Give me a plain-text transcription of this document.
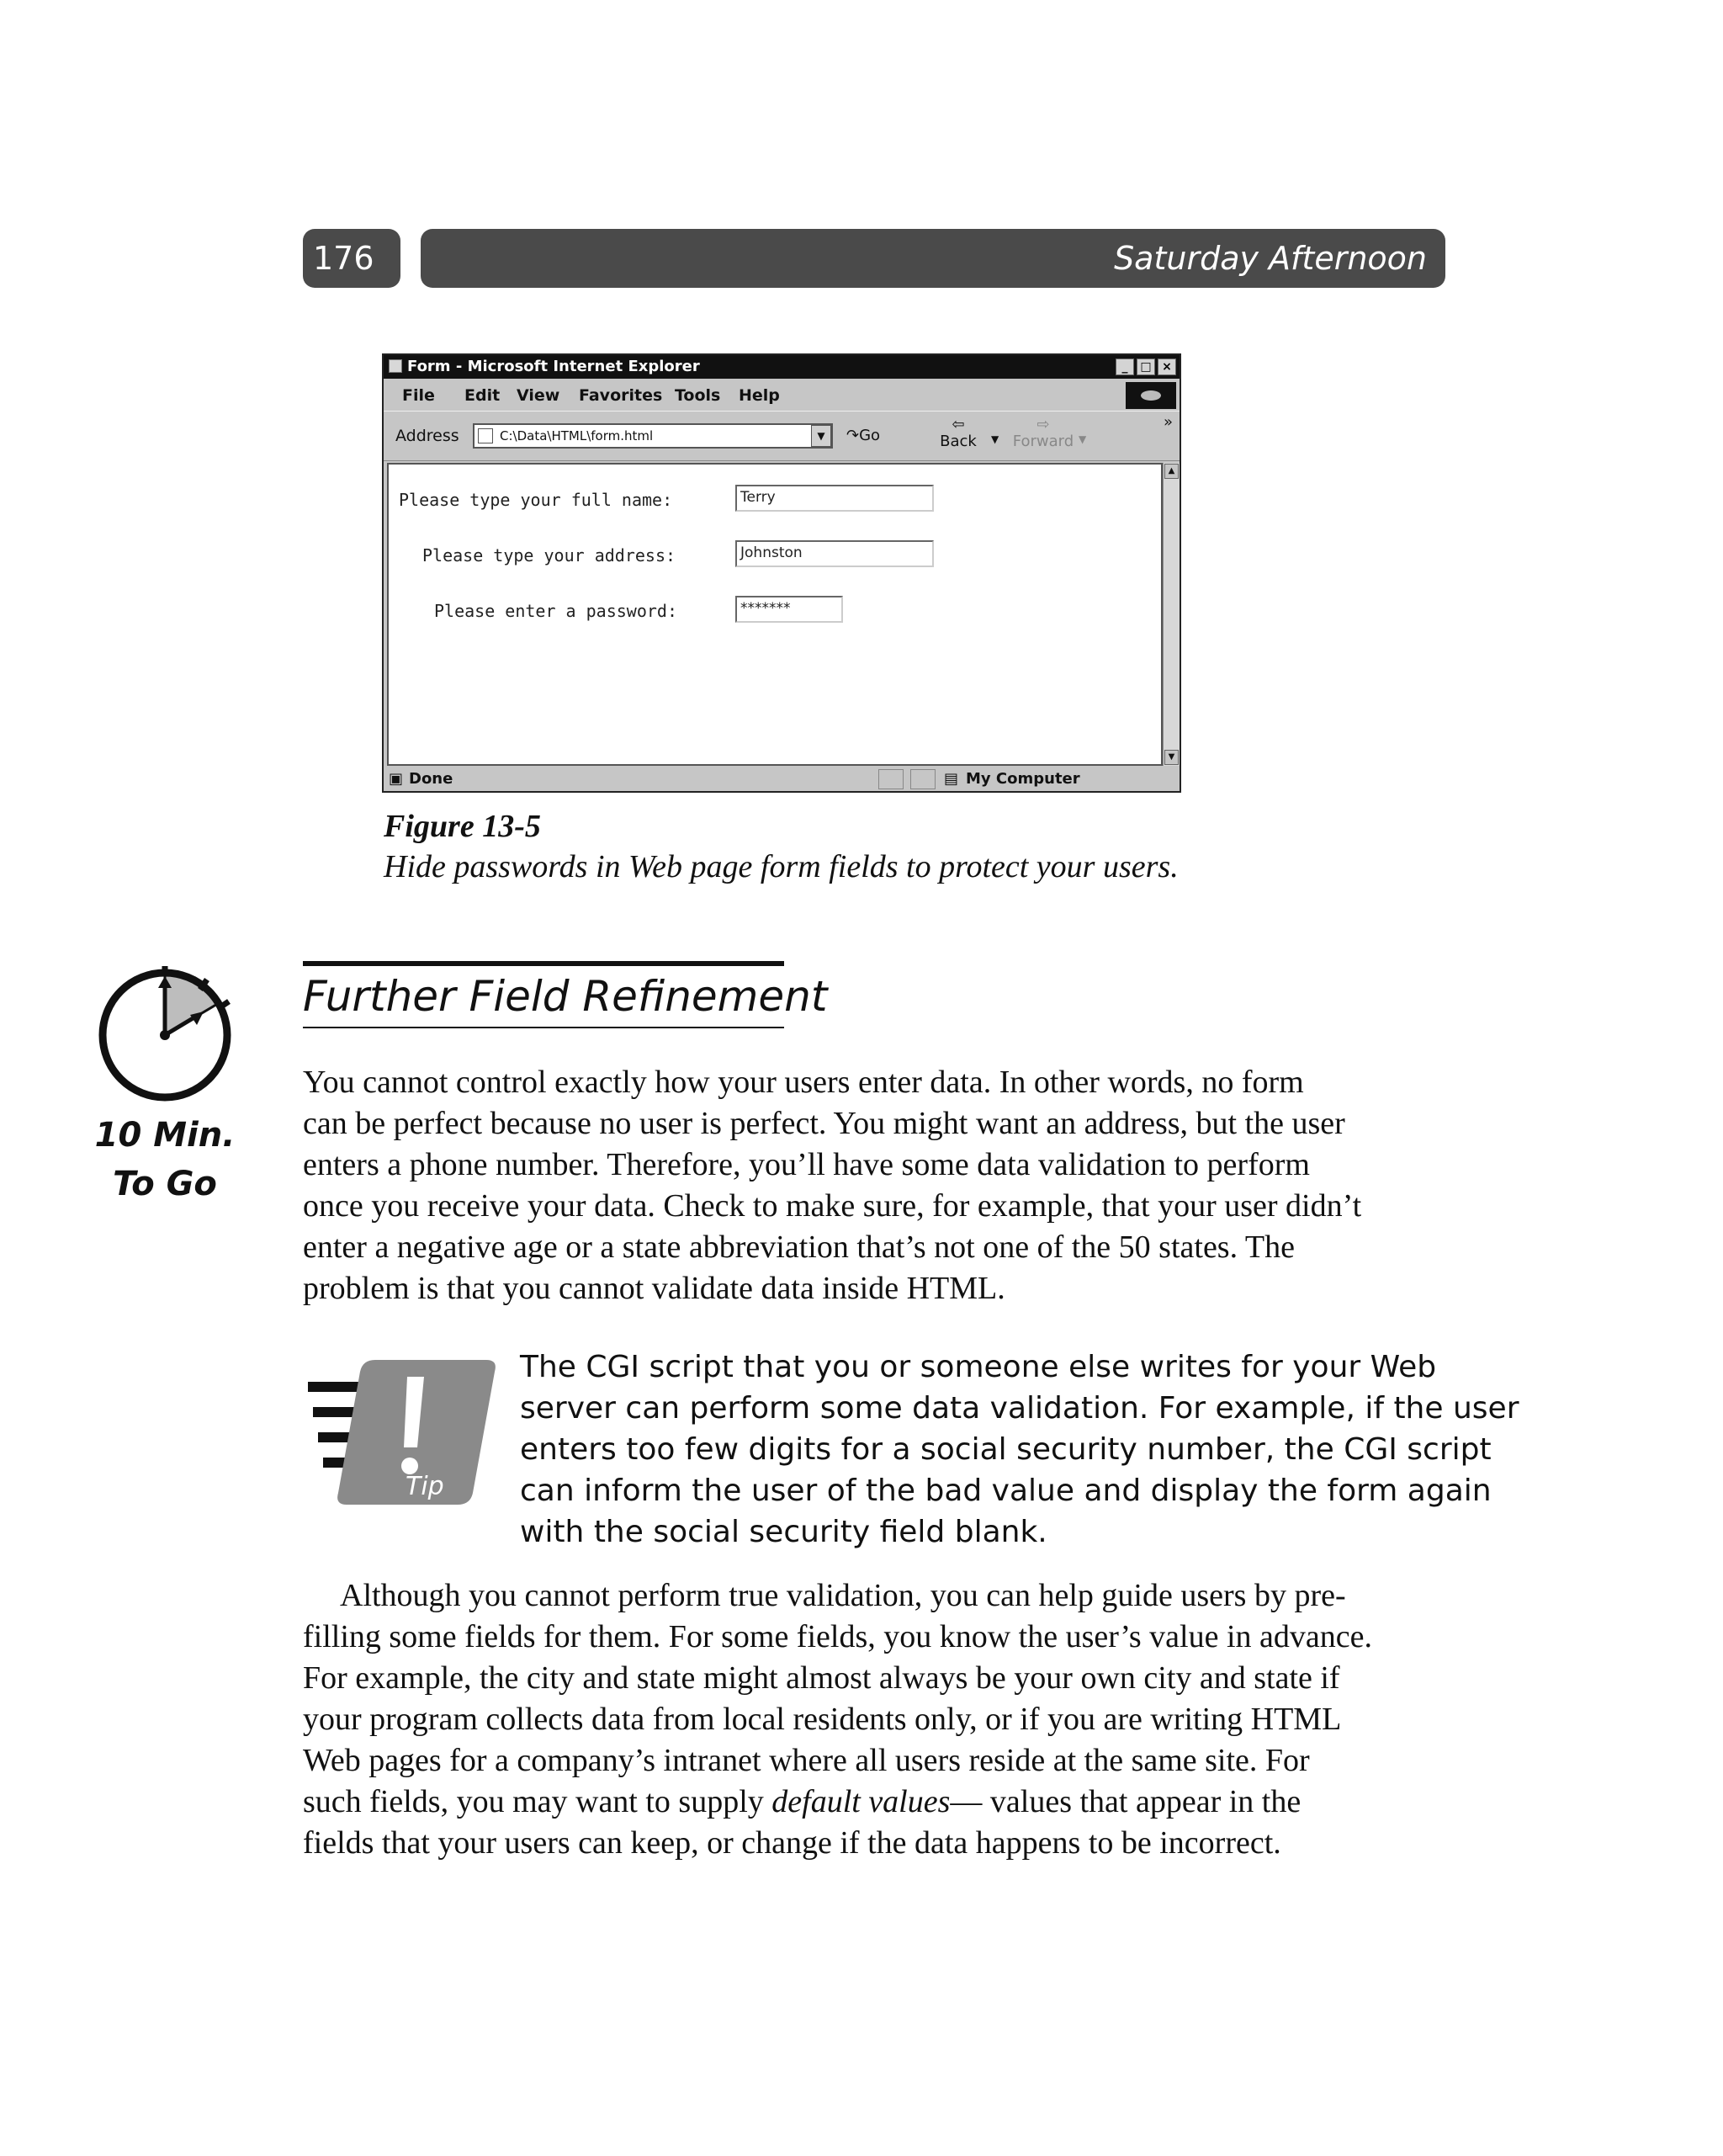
176	Saturday Afternoon
Form - Microsoft Internet Explorer	_	□ ×
File Edit View Favorites Tools Help
Address	C:\Data\HTML\form.html	▼	↷Go
⇦
Back	▼
⇨
Forward ▼
»
Please type your full name:	Terry
Please type your address:	Johnston
Please enter a password:	*******
▲
▼
▣ Done	▤ My Computer
Figure 13-5
Hide passwords in Web page form fields to protect your users.
10 Min.
To Go
Further Field Refinement
You cannot control exactly how your users enter data. In other words, no form
can be perfect because no user is perfect. You might want an address, but the user
enters a phone number. Therefore, you’ll have some data validation to perform
once you receive your data. Check to make sure, for example, that your user didn’t
enter a negative age or a state abbreviation that’s not one of the 50 states. The
problem is that you cannot validate data inside HTML.
Tip
The CGI script that you or someone else writes for your Web
server can perform some data validation. For example, if the user
enters too few digits for a social security number, the CGI script
can inform the user of the bad value and display the form again
with the social security field blank.
Although you cannot perform true validation, you can help guide users by pre-
filling some fields for them. For some fields, you know the user’s value in advance.
For example, the city and state might almost always be your own city and state if
your program collects data from local residents only, or if you are writing HTML
Web pages for a company’s intranet where all users reside at the same site. For
such fields, you may want to supply default values— values that appear in the
fields that your users can keep, or change if the data happens to be incorrect.
